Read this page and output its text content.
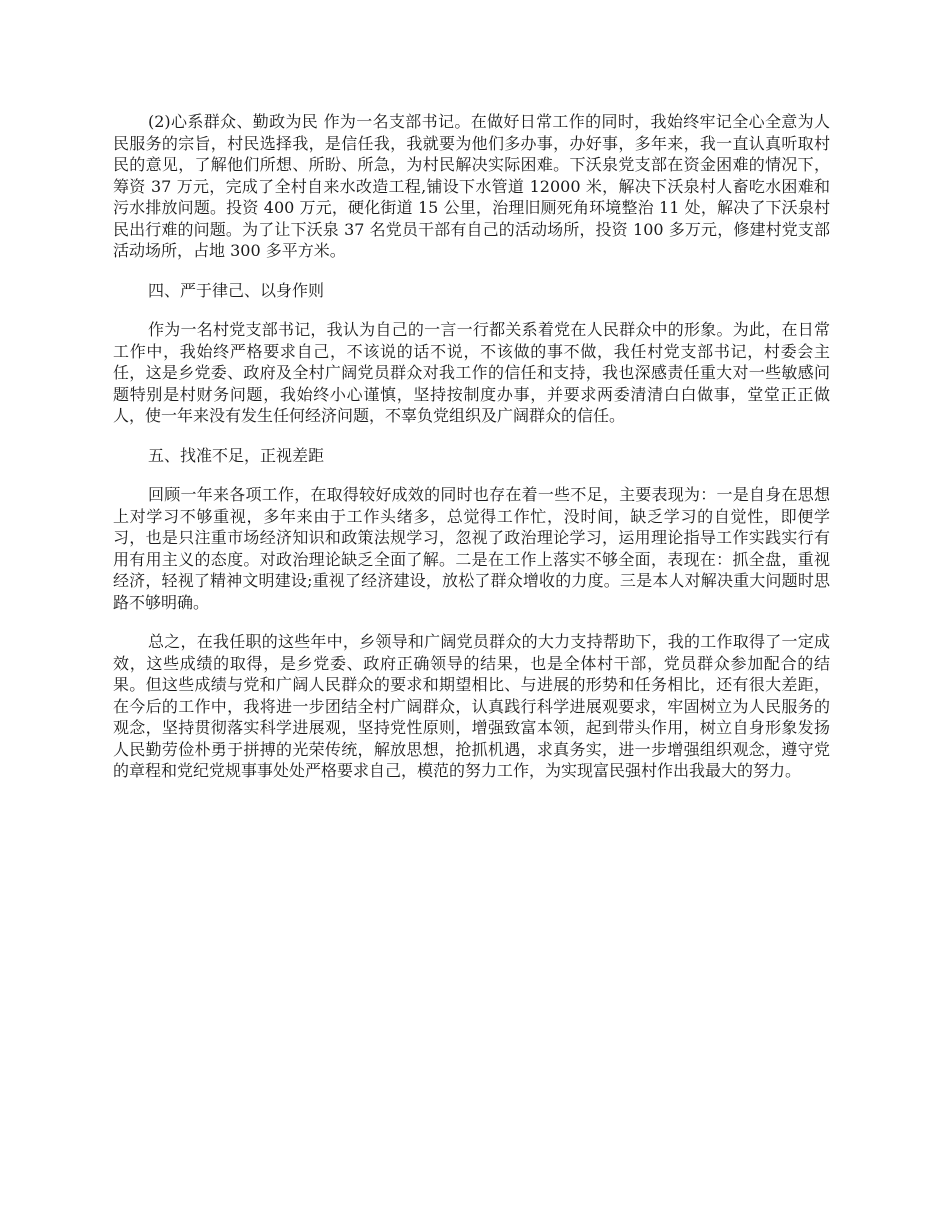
(2)心系群众、勤政为民 作为一名支部书记。在做好日常工作的同时，我始终牢记全心全意为人民服务的宗旨，村民选择我，是信任我，我就要为他们多办事，办好事，多年来，我一直认真听取村民的意见，了解他们所想、所盼、所急，为村民解决实际困难。下沃泉党支部在资金困难的情况下，筹资 37 万元，完成了全村自来水改造工程,铺设下水管道 12000 米，解决下沃泉村人畜吃水困难和污水排放问题。投资 400 万元，硬化街道 15 公里，治理旧厕死角环境整治 11 处，解决了下沃泉村民出行难的问题。为了让下沃泉 37 名党员干部有自己的活动场所，投资 100 多万元，修建村党支部活动场所，占地 300 多平方米。

四、严于律己、以身作则

作为一名村党支部书记，我认为自己的一言一行都关系着党在人民群众中的形象。为此，在日常工作中，我始终严格要求自己，不该说的话不说，不该做的事不做，我任村党支部书记，村委会主任，这是乡党委、政府及全村广阔党员群众对我工作的信任和支持，我也深感责任重大对一些敏感问题特别是村财务问题，我始终小心谨慎，坚持按制度办事，并要求两委清清白白做事，堂堂正正做人，使一年来没有发生任何经济问题，不辜负党组织及广阔群众的信任。

五、找准不足，正视差距

回顾一年来各项工作，在取得较好成效的同时也存在着一些不足，主要表现为：一是自身在思想上对学习不够重视，多年来由于工作头绪多，总觉得工作忙，没时间，缺乏学习的自觉性，即便学习，也是只注重市场经济知识和政策法规学习，忽视了政治理论学习，运用理论指导工作实践实行有用有用主义的态度。对政治理论缺乏全面了解。二是在工作上落实不够全面，表现在：抓全盘，重视经济，轻视了精神文明建设;重视了经济建设，放松了群众增收的力度。三是本人对解决重大问题时思路不够明确。

总之，在我任职的这些年中，乡领导和广阔党员群众的大力支持帮助下，我的工作取得了一定成效，这些成绩的取得，是乡党委、政府正确领导的结果，也是全体村干部，党员群众参加配合的结果。但这些成绩与党和广阔人民群众的要求和期望相比、与进展的形势和任务相比，还有很大差距，在今后的工作中，我将进一步团结全村广阔群众，认真践行科学进展观要求，牢固树立为人民服务的观念，坚持贯彻落实科学进展观，坚持党性原则，增强致富本领，起到带头作用，树立自身形象发扬人民勤劳俭朴勇于拼搏的光荣传统，解放思想，抢抓机遇，求真务实，进一步增强组织观念，遵守党的章程和党纪党规事事处处严格要求自己，模范的努力工作，为实现富民强村作出我最大的努力。
